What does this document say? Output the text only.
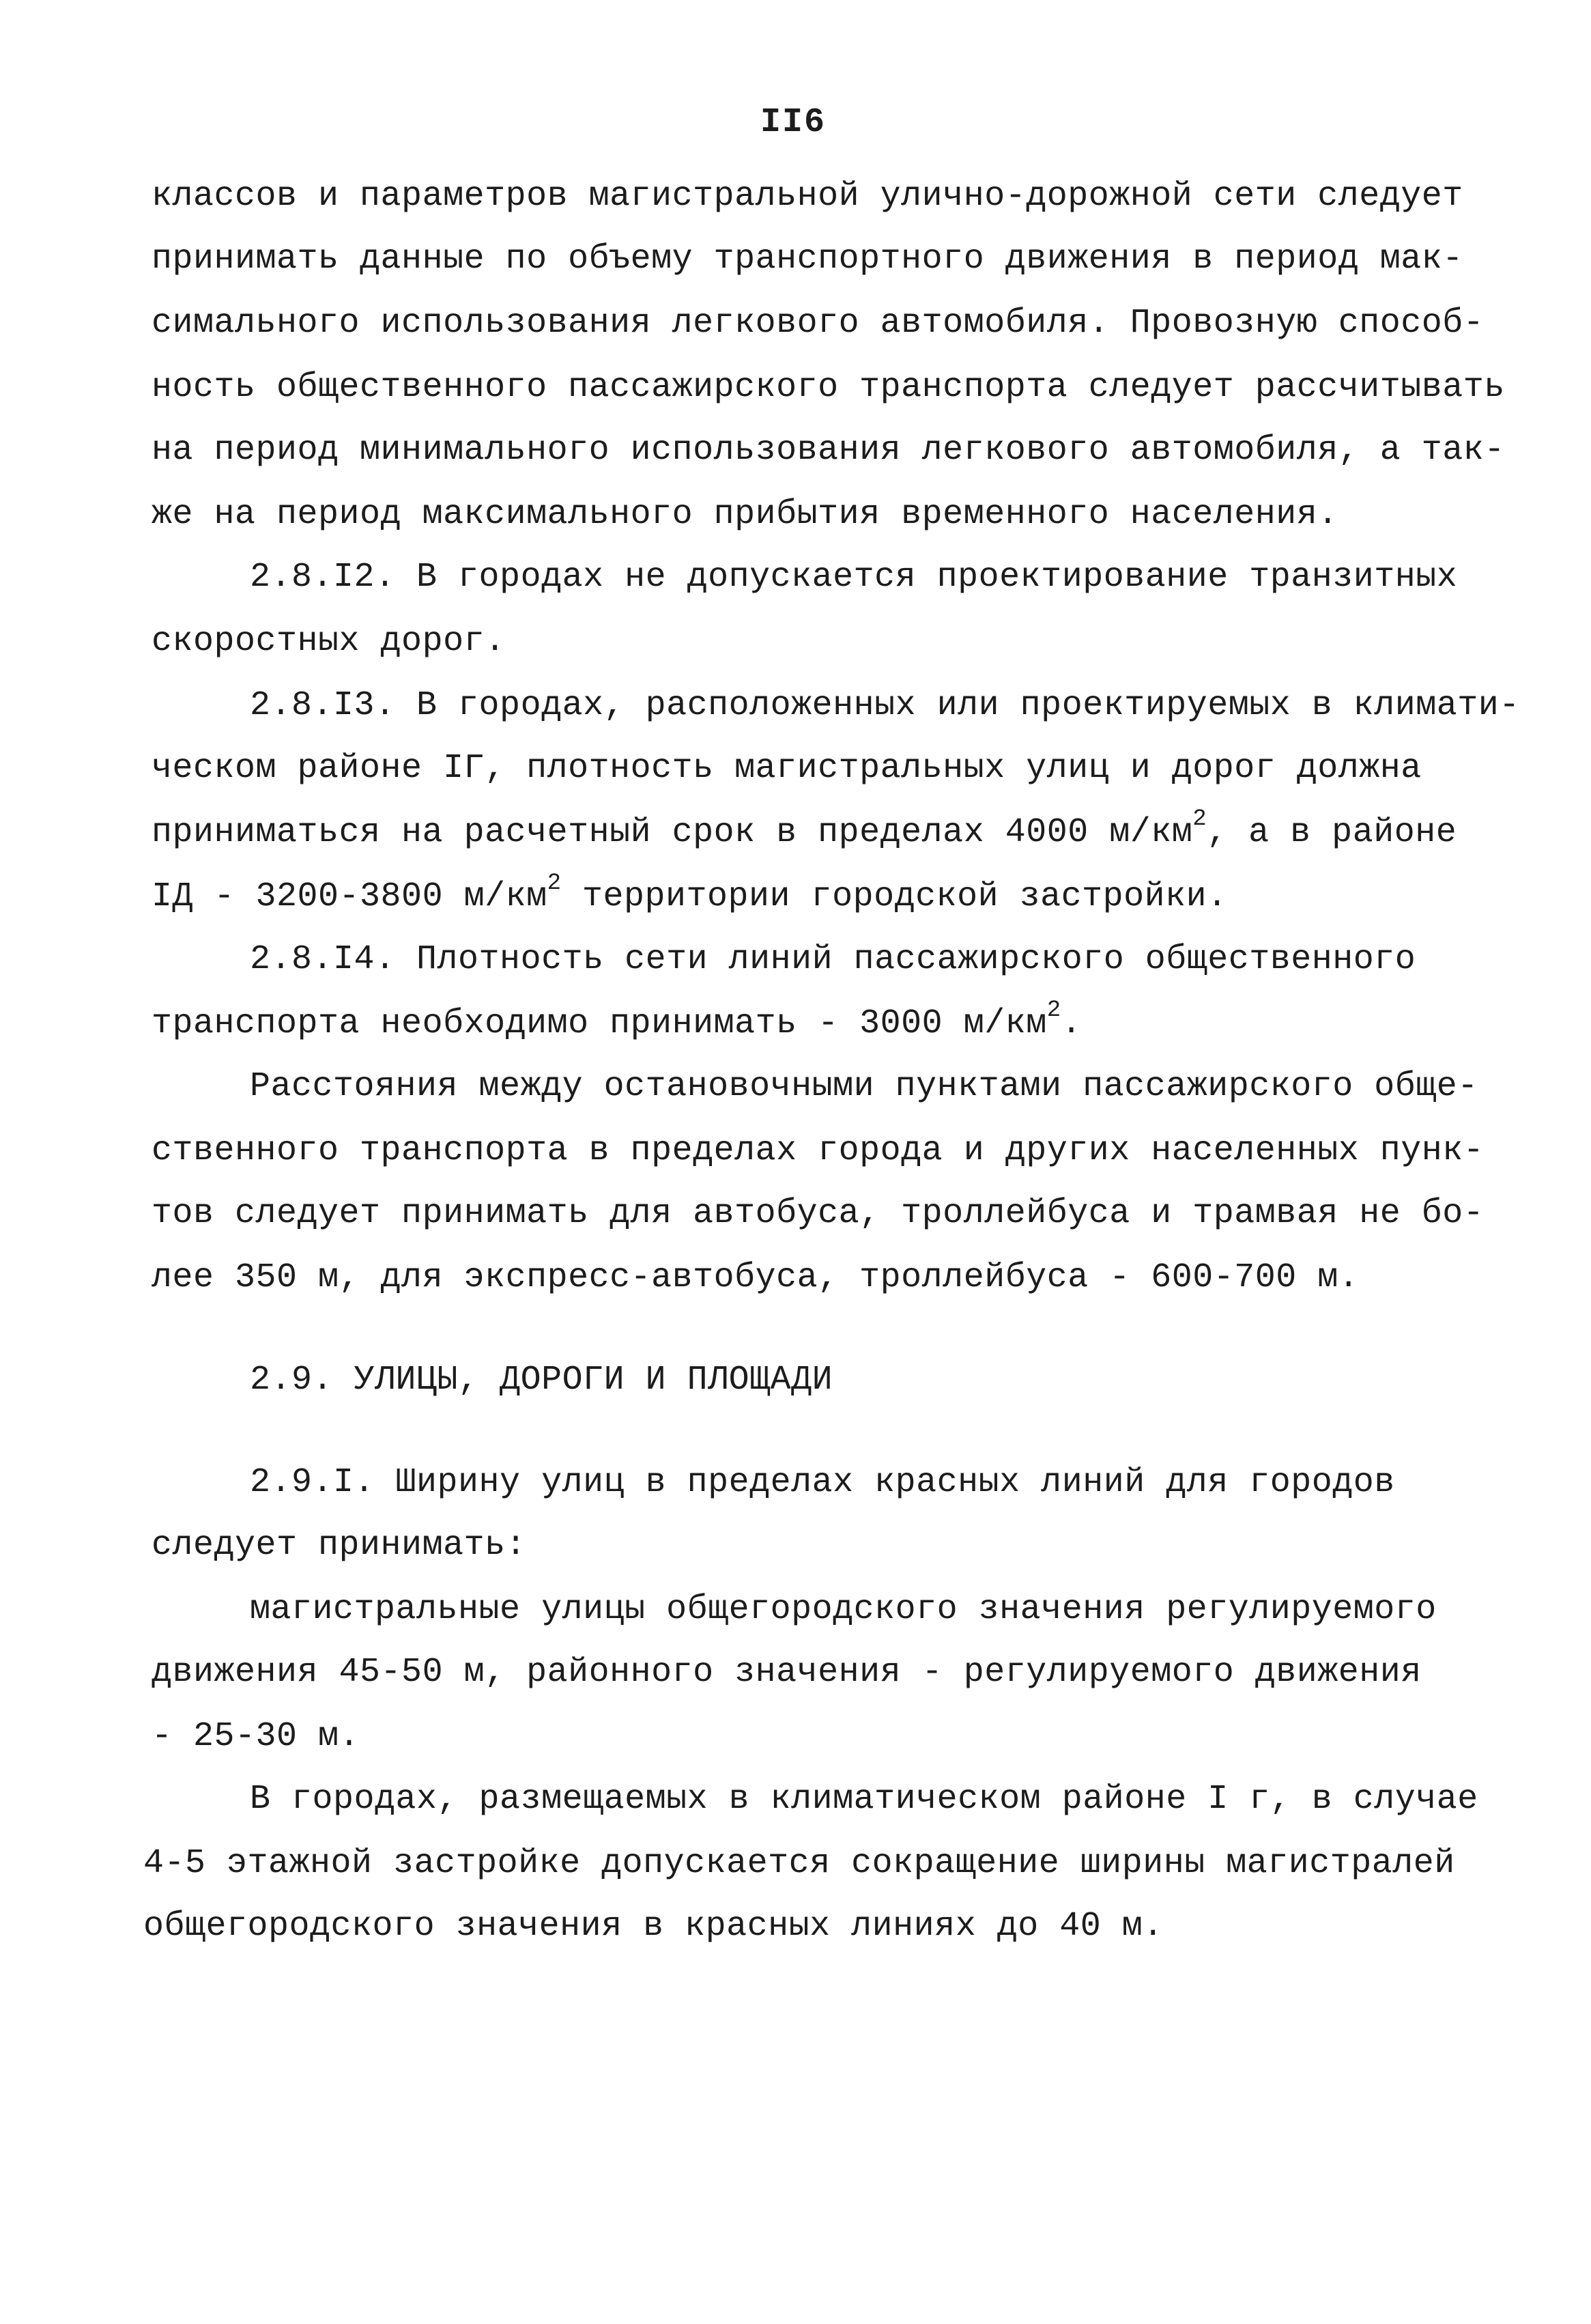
II6
классов и параметров магистральной улично-дорожной сети следует
принимать данные по объему транспортного движения в период мак-
симального использования легкового автомобиля. Провозную способ-
ность общественного пассажирского транспорта следует рассчитывать
на период минимального использования легкового автомобиля, а так-
же на период максимального прибытия временного населения.
2.8.I2. В городах не допускается проектирование транзитных
скоростных дорог.
2.8.I3. В городах, расположенных или проектируемых в климати-
ческом районе IГ, плотность магистральных улиц и дорог должна
приниматься на расчетный срок в пределах 4000 $м/км^2$, а в районе
IД - 3200-3800 $м/км^2$ территории городской застройки.
2.8.I4. Плотность сети линий пассажирского общественного
транспорта необходимо принимать - 3000 $м/км^2$.
Расстояния между остановочными пунктами пассажирского обще-
ственного транспорта в пределах города и других населенных пунк-
тов следует принимать для автобуса, троллейбуса и трамвая не бо-
лее 350 м, для экспресс-автобуса, троллейбуса - 600-700 м.
2.9. УЛИЦЫ, ДОРОГИ И ПЛОЩАДИ
2.9.I. Ширину улиц в пределах красных линий для городов
следует принимать:
магистральные улицы общегородского значения регулируемого
движения 45-50 м, районного значения - регулируемого движения
- 25-30 м.
В городах, размещаемых в климатическом районе I г, в случае
4-5 этажной застройке допускается сокращение ширины магистралей
общегородского значения в красных линиях до 40 м.
